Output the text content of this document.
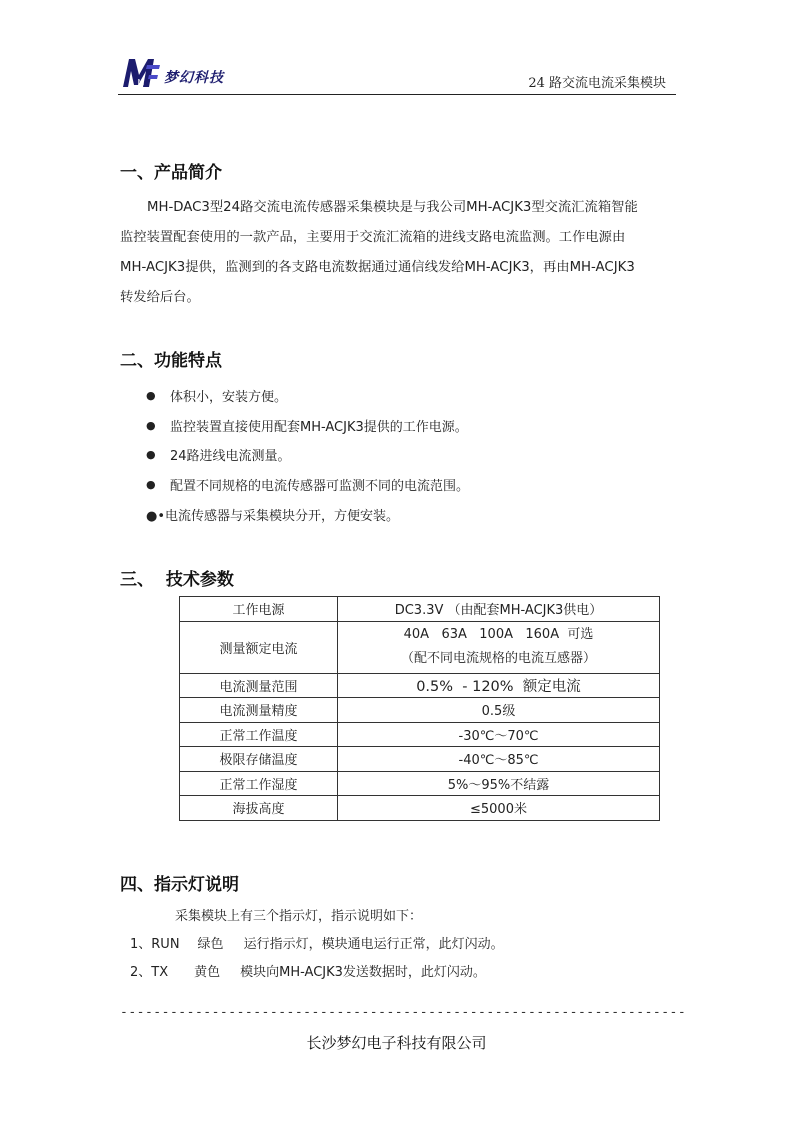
M 梦幻科技	24 路交流电流采集模块
一、产品简介
MH-DAC3型24路交流电流传感器采集模块是与我公司MH-ACJK3型交流汇流箱智能
监控装置配套使用的一款产品，主要用于交流汇流箱的进线支路电流监测。工作电源由
MH-ACJK3提供，监测到的各支路电流数据通过通信线发给MH-ACJK3，再由MH-ACJK3
转发给后台。
二、功能特点
●	体积小，安装方便。
●	监控装置直接使用配套MH-ACJK3提供的工作电源。
●	24路进线电流测量。
●	配置不同规格的电流传感器可监测不同的电流范围。
●•电流传感器与采集模块分开，方便安装。
三、  技术参数
工作电源	DC3.3V （由配套MH-ACJK3供电）
测量额定电流	40A   63A   100A   160A  可选
（配不同电流规格的电流互感器）

电流测量范围	0.5%  - 120%  额定电流
电流测量精度	0.5级
正常工作温度	-30℃～70℃
极限存储温度	-40℃～85℃
正常工作湿度	5%～95%不结露
海拔高度	≤5000米
四、指示灯说明
采集模块上有三个指示灯，指示说明如下：
1、RUN 绿色 运行指示灯，模块通电运行正常，此灯闪动。
2、TX 黄色 模块向MH-ACJK3发送数据时，此灯闪动。
--------------------------------------------------------------------
长沙梦幻电子科技有限公司
